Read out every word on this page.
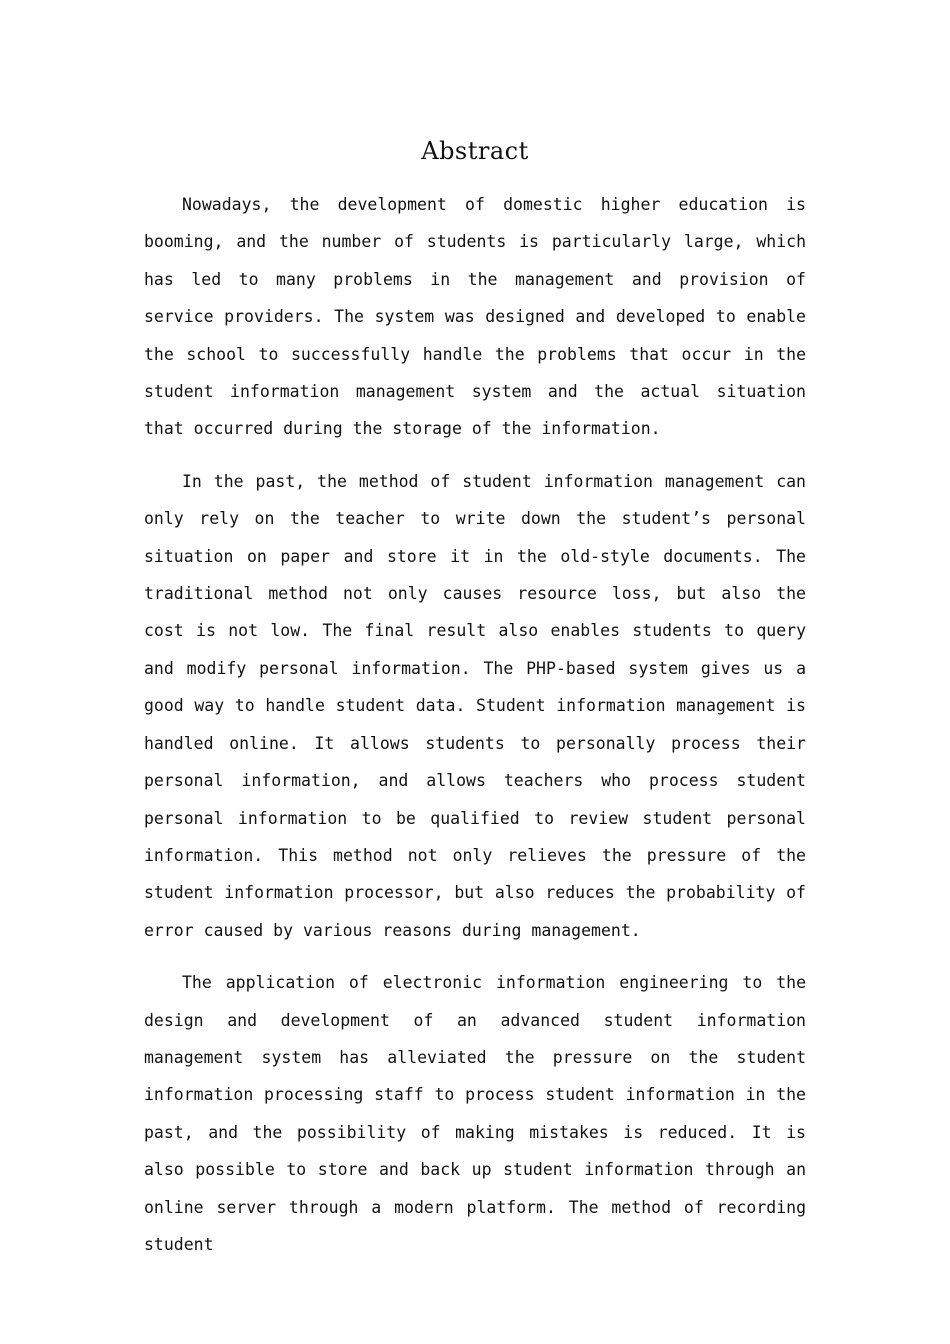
Abstract

Nowadays, the development of domestic higher education is booming, and the number of students is particularly large, which has led to many problems in the management and provision of service providers. The system was designed and developed to enable the school to successfully handle the problems that occur in the student information management system and the actual situation that occurred during the storage of the information.

In the past, the method of student information management can only rely on the teacher to write down the student’s personal situation on paper and store it in the old-style documents. The traditional method not only causes resource loss, but also the cost is not low. The final result also enables students to query and modify personal information. The PHP-based system gives us a good way to handle student data. Student information management is handled online. It allows students to personally process their personal information, and allows teachers who process student personal information to be qualified to review student personal information. This method not only relieves the pressure of the student information processor, but also reduces the probability of error caused by various reasons during management.

The application of electronic information engineering to the design and development of an advanced student information management system has alleviated the pressure on the student information processing staff to process student information in the past, and the possibility of making mistakes is reduced. It is also possible to store and back up student information through an online server through a modern platform. The method of recording student
